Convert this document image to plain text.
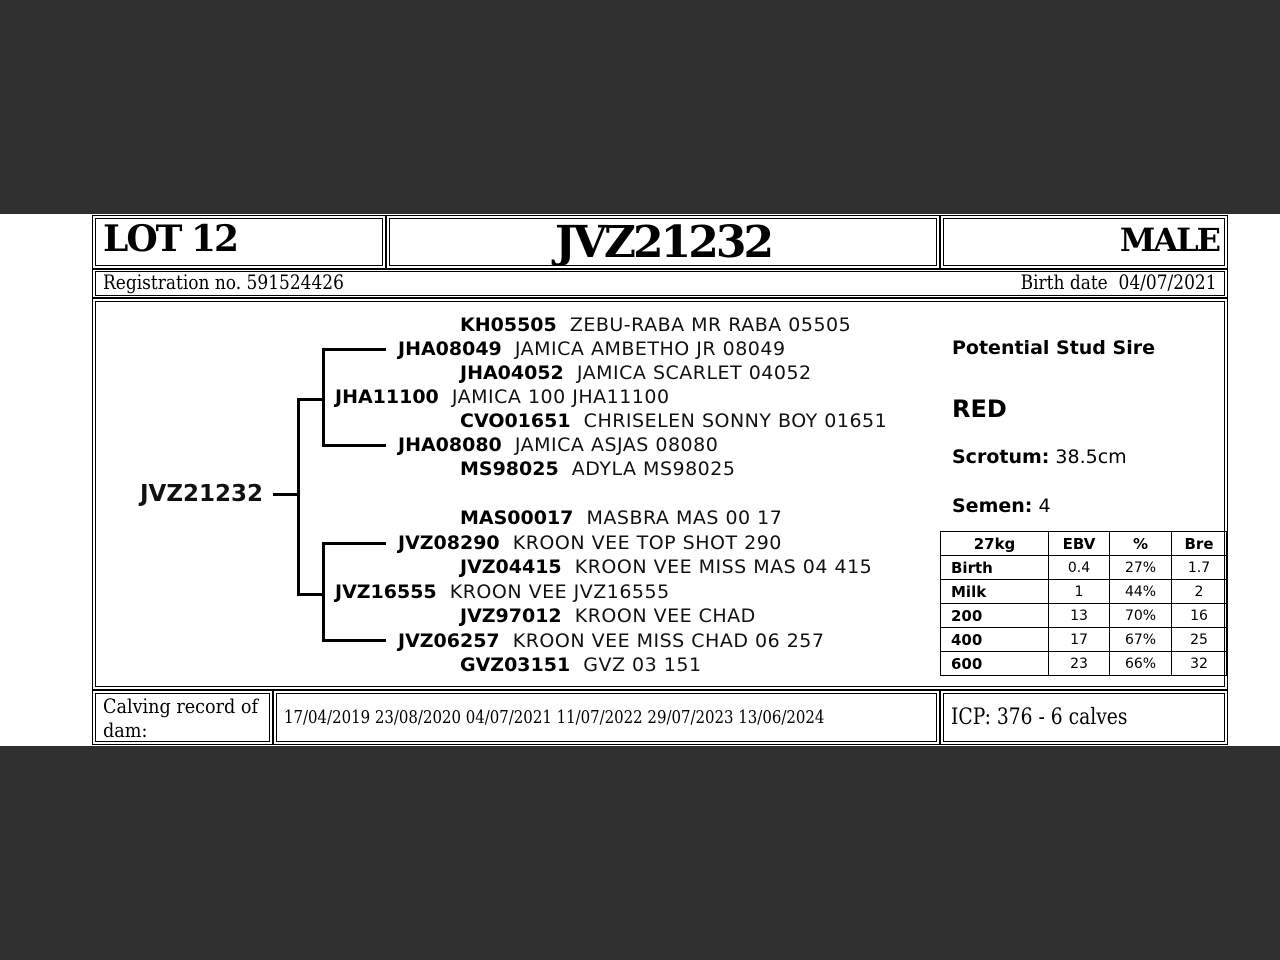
LOT 12	JVZ21232	MALE
Registration no. 591524426	Birth date 04/07/2021
JVZ21232
KH05505 ZEBU-RABA MR RABA 05505
JHA08049 JAMICA AMBETHO JR 08049
JHA04052 JAMICA SCARLET 04052
JHA11100 JAMICA 100 JHA11100
CVO01651 CHRISELEN SONNY BOY 01651
JHA08080 JAMICA ASJAS 08080
MS98025 ADYLA MS98025
MAS00017 MASBRA MAS 00 17
JVZ08290 KROON VEE TOP SHOT 290
JVZ04415 KROON VEE MISS MAS 04 415
JVZ16555 KROON VEE JVZ16555
JVZ97012 KROON VEE CHAD
JVZ06257 KROON VEE MISS CHAD 06 257
GVZ03151 GVZ 03 151
Potential Stud Sire
RED
Scrotum: 38.5cm
Semen: 4
27kg	EBV	%	Bre
Birth	0.4	27%	1.7
Milk	1	44%	2
200	13	70%	16
400	17	67%	25
600	23	66%	32
Calving record of dam:
17/04/2019 23/08/2020 04/07/2021 11/07/2022 29/07/2023 13/06/2024	ICP: 376 - 6 calves
